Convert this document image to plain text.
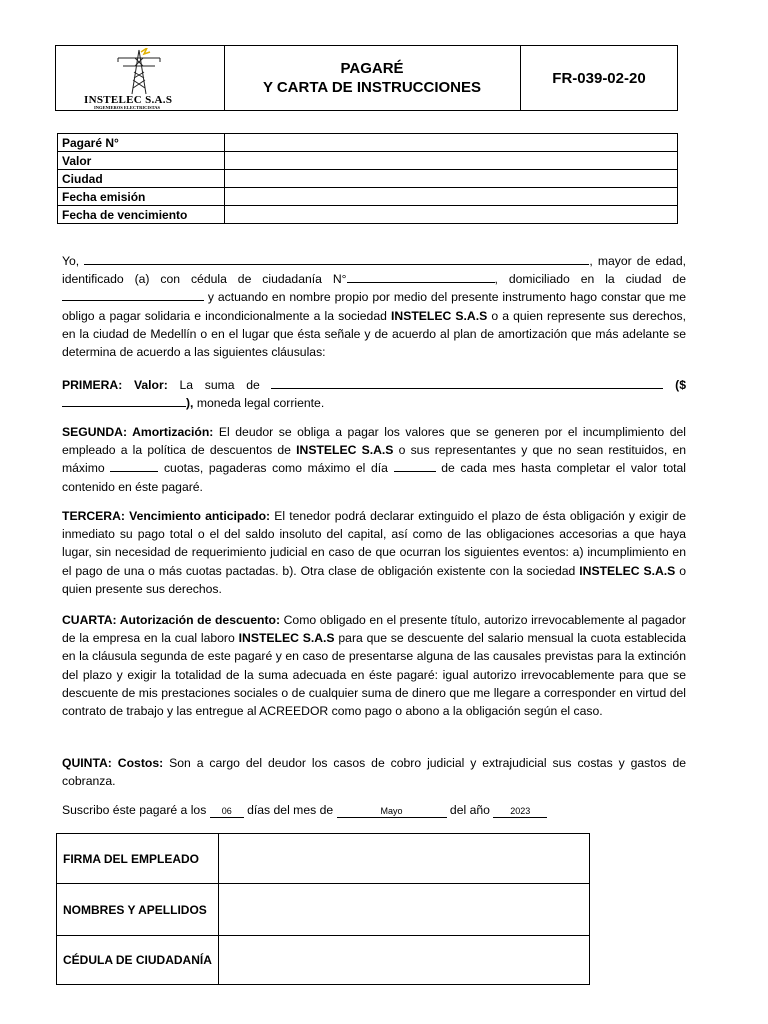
INSTELEC S.A.S
INGENIEROS ELECTRICISTAS
PAGARÉ
Y CARTA DE INSTRUCCIONES
FR-039-02-20
Pagaré N°	
Valor	
Ciudad	
Fecha emisión	
Fecha de vencimiento	
Yo,	, mayor de edad, identificado (a) con cédula de ciudadanía N°	, domiciliado en la ciudad de  y actuando en nombre propio por medio del presente instrumento hago constar que me obligo a pagar solidaria e incondicionalmente a la sociedad INSTELEC S.A.S o a quien represente sus derechos, en la ciudad de Medellín o en el lugar que ésta señale y de acuerdo al plan de amortización que más adelante se determina de acuerdo a las siguientes cláusulas:
PRIMERA: Valor: La suma de	($), moneda legal corriente.
SEGUNDA: Amortización: El deudor se obliga a pagar los valores que se generen por el incumplimiento del empleado a la política de descuentos de INSTELEC S.A.S o sus representantes y que no sean restituidos, en máximo	cuotas, pagaderas como máximo el día	de cada mes hasta completar el valor total contenido en éste pagaré.
TERCERA: Vencimiento anticipado: El tenedor podrá declarar extinguido el plazo de ésta obligación y exigir de inmediato su pago total o el del saldo insoluto del capital, así como de las obligaciones accesorias a que haya lugar, sin necesidad de requerimiento judicial en caso de que ocurran los siguientes eventos: a) incumplimiento en el pago de una o más cuotas pactadas. b). Otra clase de obligación existente con la sociedad INSTELEC S.A.S o quien presente sus derechos.
CUARTA: Autorización de descuento: Como obligado en el presente título, autorizo irrevocablemente al pagador de la empresa en la cual laboro INSTELEC S.A.S para que se descuente del salario mensual la cuota establecida en la cláusula segunda de este pagaré y en caso de presentarse alguna de las causales previstas para la extinción del plazo y exigir la totalidad de la suma adecuada en éste pagaré: igual autorizo irrevocablemente para que se descuente de mis prestaciones sociales o de cualquier suma de dinero que me llegare a corresponder en virtud del contrato de trabajo y las entregue al ACREEDOR como pago o abono a la obligación según el caso.
QUINTA: Costos: Son a cargo del deudor los casos de cobro judicial y extrajudicial sus costas y gastos de cobranza.
Suscribo éste pagaré a los 06 días del mes de	Mayo	del año 2023
FIRMA DEL EMPLEADO	
NOMBRES Y APELLIDOS	
CÉDULA DE CIUDADANÍA	
